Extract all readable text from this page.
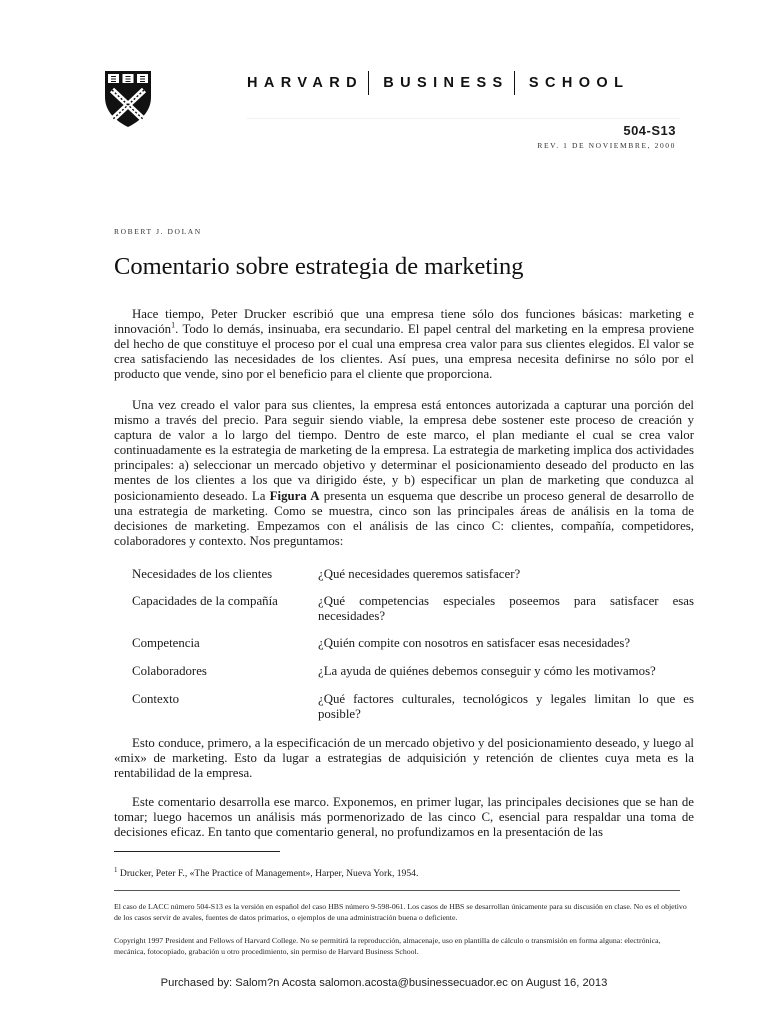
HARVARD BUSINESS SCHOOL
504-S13
REV. 1 DE NOVIEMBRE, 2000
ROBERT J. DOLAN
Comentario sobre estrategia de marketing

Hace tiempo, Peter Drucker escribió que una empresa tiene sólo dos funciones básicas: marketing e innovación$^1$. Todo lo demás, insinuaba, era secundario. El papel central del marketing en la empresa proviene del hecho de que constituye el proceso por el cual una empresa crea valor para sus clientes elegidos. El valor se crea satisfaciendo las necesidades de los clientes. Así pues, una empresa necesita definirse no sólo por el producto que vende, sino por el beneficio para el cliente que proporciona.

Una vez creado el valor para sus clientes, la empresa está entonces autorizada a capturar una porción del mismo a través del precio. Para seguir siendo viable, la empresa debe sostener este proceso de creación y captura de valor a lo largo del tiempo. Dentro de este marco, el plan mediante el cual se crea valor continuadamente es la estrategia de marketing de la empresa. La estrategia de marketing implica dos actividades principales: a) seleccionar un mercado objetivo y determinar el posicionamiento deseado del producto en las mentes de los clientes a los que va dirigido éste, y b) especificar un plan de marketing que conduzca al posicionamiento deseado. La Figura A presenta un esquema que describe un proceso general de desarrollo de una estrategia de marketing. Como se muestra, cinco son las principales áreas de análisis en la toma de decisiones de marketing. Empezamos con el análisis de las cinco C: clientes, compañía, competidores, colaboradores y contexto. Nos preguntamos:

Necesidades de los clientes	¿Qué necesidades queremos satisfacer?
Capacidades de la compañía	¿Qué competencias especiales poseemos para satisfacer esas necesidades?
Competencia	¿Quién compite con nosotros en satisfacer esas necesidades?
Colaboradores	¿La ayuda de quiénes debemos conseguir y cómo les motivamos?
Contexto	¿Qué factores culturales, tecnológicos y legales limitan lo que es posible?

Esto conduce, primero, a la especificación de un mercado objetivo y del posicionamiento deseado, y luego al «mix» de marketing. Esto da lugar a estrategias de adquisición y retención de clientes cuya meta es la rentabilidad de la empresa.

Este comentario desarrolla ese marco. Exponemos, en primer lugar, las principales decisiones que se han de tomar; luego hacemos un análisis más pormenorizado de las cinco C, esencial para respaldar una toma de decisiones eficaz. En tanto que comentario general, no profundizamos en la presentación de las

$^1$ Drucker, Peter F., «The Practice of Management», Harper, Nueva York, 1954.
El caso de LACC número 504-S13 es la versión en español del caso HBS número 9-598-061. Los casos de HBS se desarrollan únicamente para su discusión en clase. No es el objetivo de los casos servir de avales, fuentes de datos primarios, o ejemplos de una administración buena o deficiente.
Copyright 1997 President and Fellows of Harvard College. No se permitirá la reproducción, almacenaje, uso en plantilla de cálculo o transmisión en forma alguna: electrónica, mecánica, fotocopiado, grabación u otro procedimiento, sin permiso de Harvard Business School.
Purchased by: Salom?n Acosta salomon.acosta@businessecuador.ec on August 16, 2013
